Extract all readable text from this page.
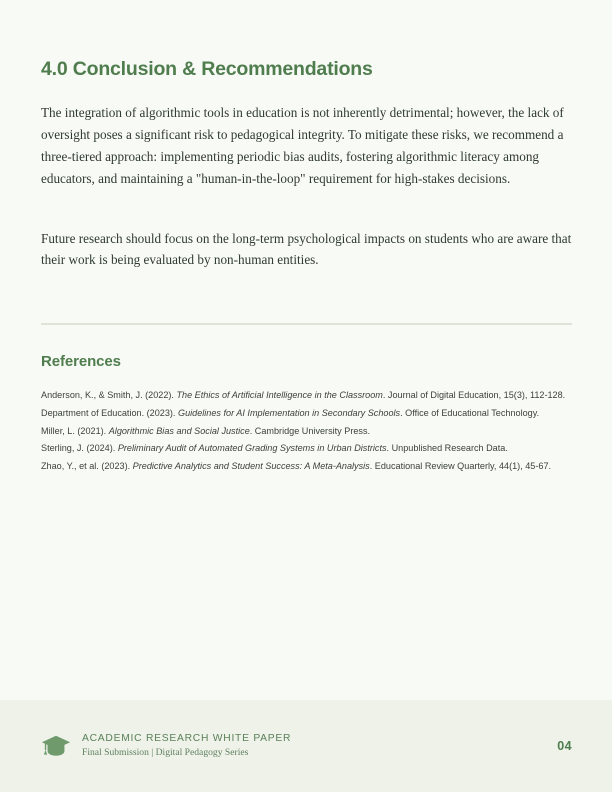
4.0 Conclusion & Recommendations

The integration of algorithmic tools in education is not inherently detrimental; however, the lack of oversight poses a significant risk to pedagogical integrity. To mitigate these risks, we recommend a three-tiered approach: implementing periodic bias audits, fostering algorithmic literacy among educators, and maintaining a "human-in-the-loop" requirement for high-stakes decisions.

Future research should focus on the long-term psychological impacts on students who are aware that their work is being evaluated by non-human entities.

References

Anderson, K., & Smith, J. (2022). The Ethics of Artificial Intelligence in the Classroom. Journal of Digital Education, 15(3), 112-128.

Department of Education. (2023). Guidelines for AI Implementation in Secondary Schools. Office of Educational Technology.

Miller, L. (2021). Algorithmic Bias and Social Justice. Cambridge University Press.

Sterling, J. (2024). Preliminary Audit of Automated Grading Systems in Urban Districts. Unpublished Research Data.

Zhao, Y., et al. (2023). Predictive Analytics and Student Success: A Meta-Analysis. Educational Review Quarterly, 44(1), 45-67.

ACADEMIC RESEARCH WHITE PAPER
Final Submission | Digital Pedagogy Series	04
